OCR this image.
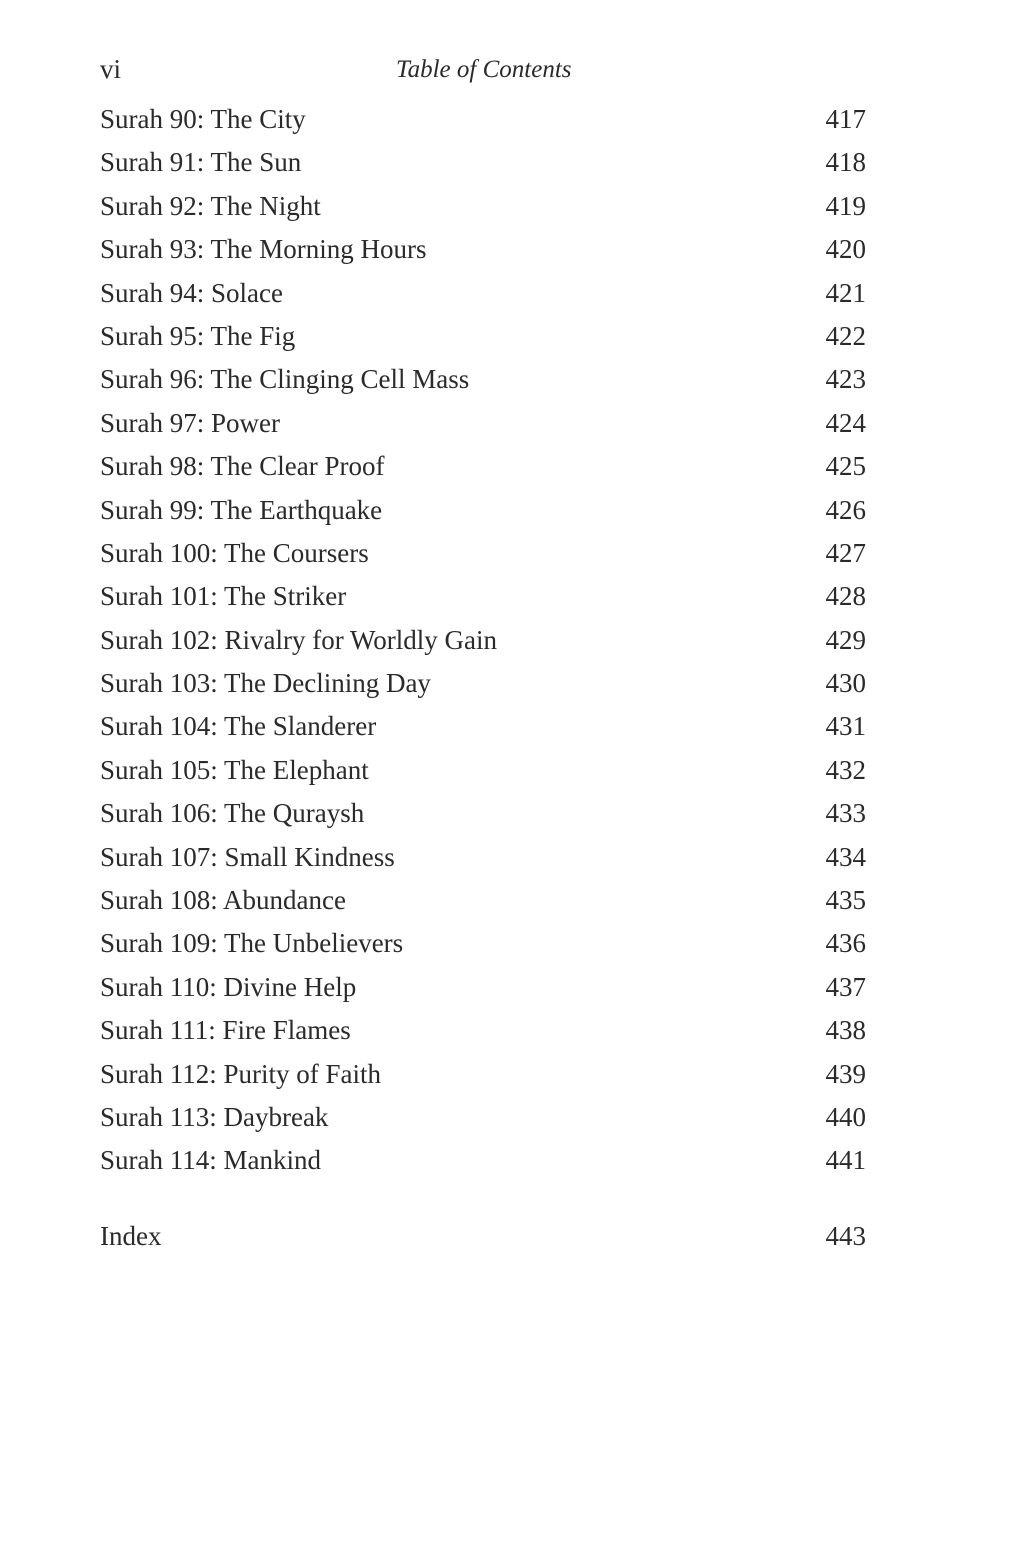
vi	Table of Contents
Surah 90: The City	417
Surah 91: The Sun	418
Surah 92: The Night	419
Surah 93: The Morning Hours	420
Surah 94: Solace	421
Surah 95: The Fig	422
Surah 96: The Clinging Cell Mass	423
Surah 97: Power	424
Surah 98: The Clear Proof	425
Surah 99: The Earthquake	426
Surah 100: The Coursers	427
Surah 101: The Striker	428
Surah 102: Rivalry for Worldly Gain	429
Surah 103: The Declining Day	430
Surah 104: The Slanderer	431
Surah 105: The Elephant	432
Surah 106: The Quraysh	433
Surah 107: Small Kindness	434
Surah 108: Abundance	435
Surah 109: The Unbelievers	436
Surah 110: Divine Help	437
Surah 111: Fire Flames	438
Surah 112: Purity of Faith	439
Surah 113: Daybreak	440
Surah 114: Mankind	441
Index	443
